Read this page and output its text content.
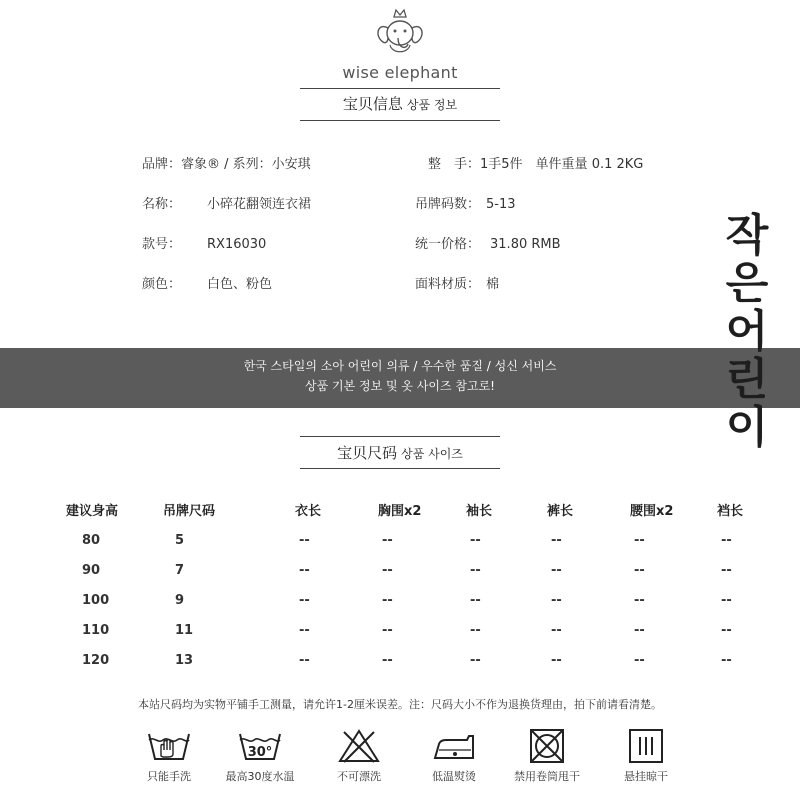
wise elephant
宝贝信息 상품 정보
品牌：睿象® / 系列：小安琪
名称： 小碎花翻领连衣裙
款号： RX16030
颜色： 白色、粉色
整　手：1手5件　单件重量 0.1 2KG
吊牌码数： 5-13
统一价格： 31.80 RMB
面料材质： 棉
한국 스타일의 소아 어린이 의류 / 우수한 품질 / 성신 서비스
상품 기본 정보 및 옷 사이즈 참고로!
작
은
어
린
이
宝贝尺码 상품 사이즈
建议身高	吊牌尺码	衣长	胸围x2	袖长	裤长	腰围x2	裆长
80	5	--	--	--	--	--	--
90	7	--	--	--	--	--	--
100	9	--	--	--	--	--	--
110	11	--	--	--	--	--	--
120	13	--	--	--	--	--	--
本站尺码均为实物平铺手工测量，请允许1-2厘米误差。注：尺码大小不作为退换货理由，拍下前请看清楚。
只能手洗
30°
最高30度水温	不可漂洗	低温熨烫	禁用卷筒甩干	悬挂晾干
